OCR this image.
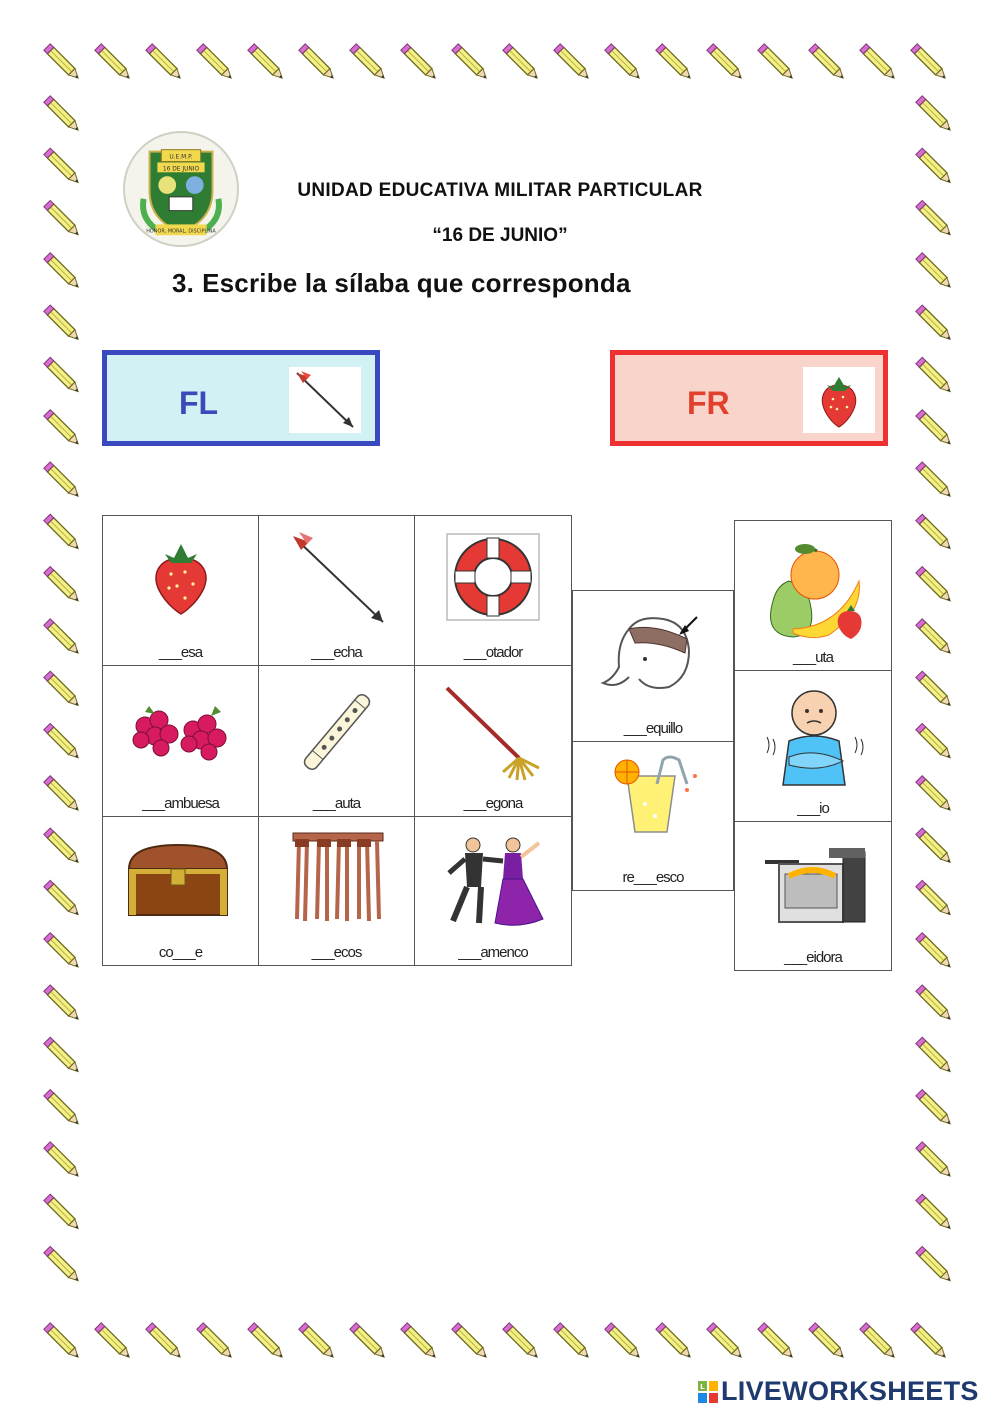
U.E.M.P.
16 DE JUNIO
HONOR, MORAL, DISCIPLINA
UNIDAD EDUCATIVA MILITAR PARTICULAR
“16 DE JUNIO”
3. Escribe la sílaba que corresponda
FL	FR
___esa	___echa	___otador
___ambuesa	___auta	___egona
co___e	___ecos	___amenco
___equillo
re___esco
___uta
___io
___eidora
L LIVEWORKSHEETS
